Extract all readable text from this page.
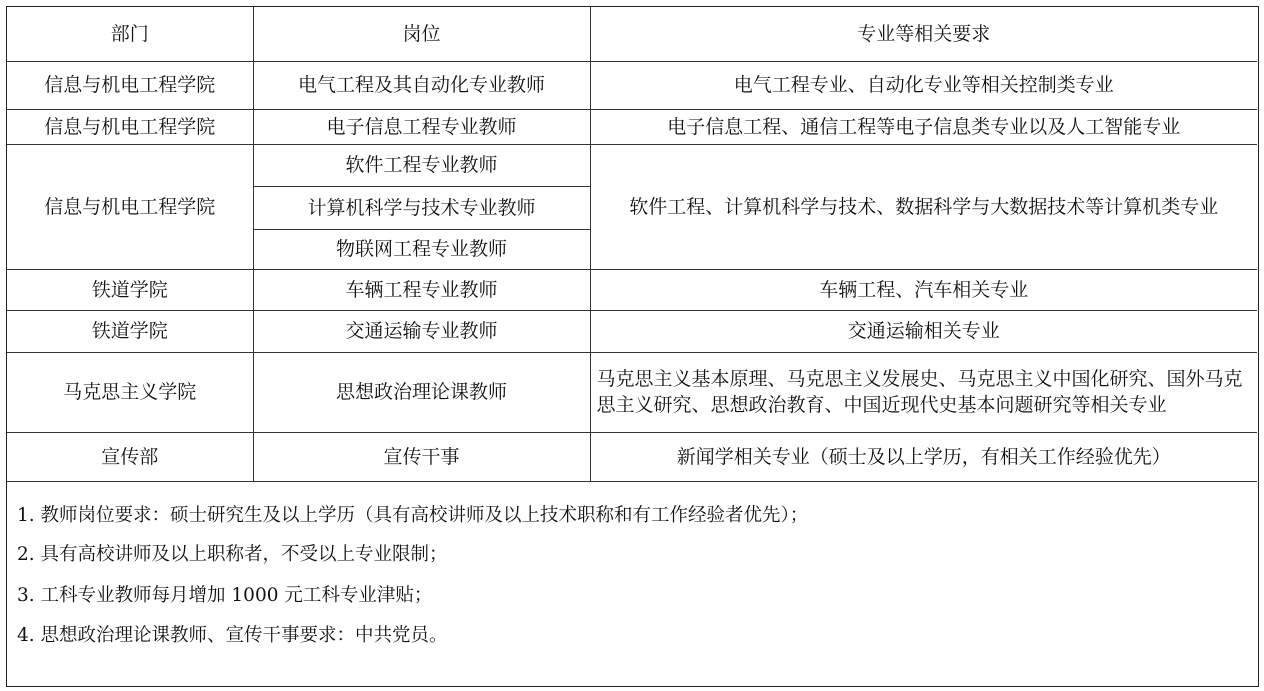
部门	岗位	专业等相关要求
信息与机电工程学院	电气工程及其自动化专业教师	电气工程专业、自动化专业等相关控制类专业
信息与机电工程学院	电子信息工程专业教师	电子信息工程、通信工程等电子信息类专业以及人工智能专业
信息与机电工程学院	软件工程专业教师	软件工程、计算机科学与技术、数据科学与大数据技术等计算机类专业
	计算机科学与技术专业教师	
	物联网工程专业教师	
铁道学院	车辆工程专业教师	车辆工程、汽车相关专业
铁道学院	交通运输专业教师	交通运输相关专业
马克思主义学院	思想政治理论课教师	马克思主义基本原理、马克思主义发展史、马克思主义中国化研究、国外马克思主义研究、思想政治教育、中国近现代史基本问题研究等相关专业
宣传部	宣传干事	新闻学相关专业（硕士及以上学历，有相关工作经验优先）
1. 教师岗位要求：硕士研究生及以上学历（具有高校讲师及以上技术职称和有工作经验者优先）；
2. 具有高校讲师及以上职称者，不受以上专业限制；
3. 工科专业教师每月增加 1000 元工科专业津贴；
4. 思想政治理论课教师、宣传干事要求：中共党员。
